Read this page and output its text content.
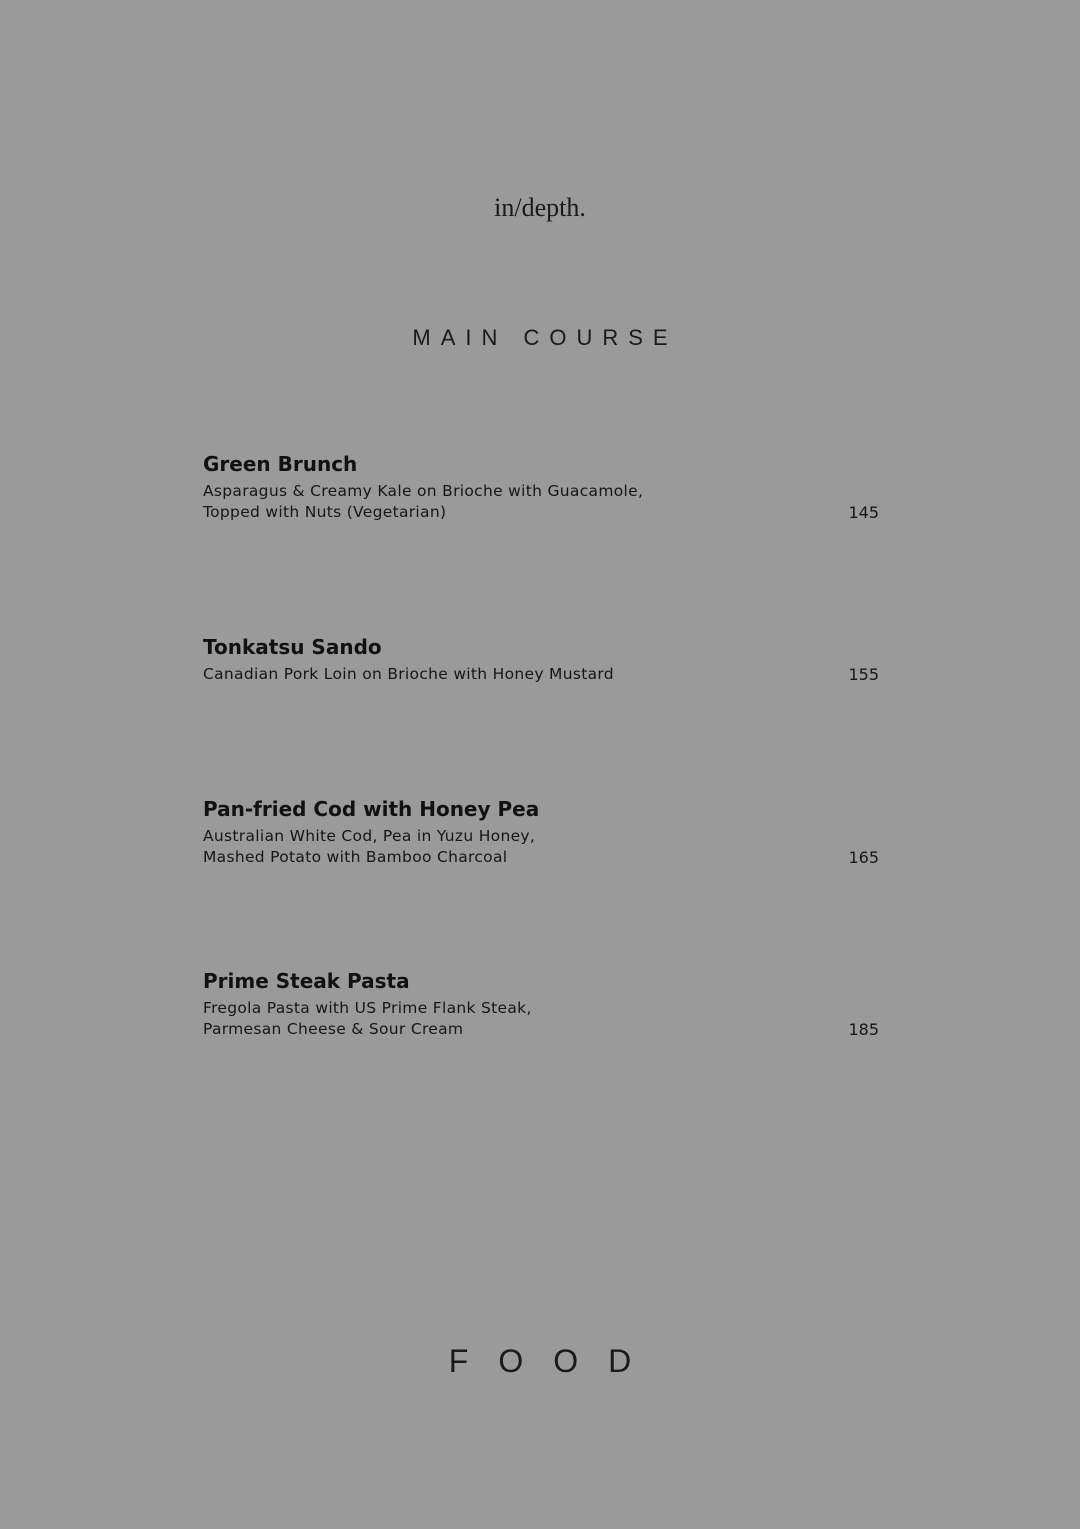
in/depth.
MAIN COURSE
Green Brunch
Asparagus & Creamy Kale on Brioche with Guacamole,
Topped with Nuts (Vegetarian)	145
Tonkatsu Sando
Canadian Pork Loin on Brioche with Honey Mustard	155
Pan-fried Cod with Honey Pea
Australian White Cod, Pea in Yuzu Honey,
Mashed Potato with Bamboo Charcoal	165
Prime Steak Pasta
Fregola Pasta with US Prime Flank Steak,
Parmesan Cheese & Sour Cream	185
FOOD
